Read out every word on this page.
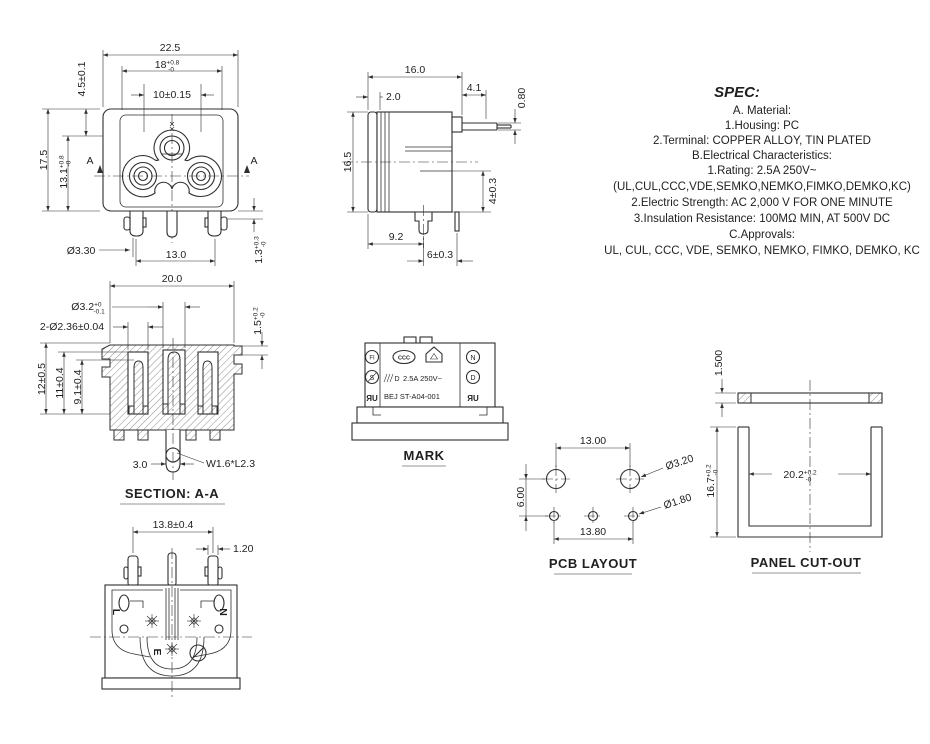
22.5
$18^{+0.8}$ -0
10±0.15
17.5
$13.1^{+0.8}-0$
4.5±0.1
A	A
Ø3.30	13.0	$1.3^{+0.3}-0$
16.0
2.0
4.1	0.80
16.5
4±0.3
9.2
6±0.3
SPEC:
A. Material:
1.Housing: PC
2.Terminal: COPPER ALLOY, TIN PLATED
B.Electrical Characteristics:
1.Rating: 2.5A 250V~
(UL,CUL,CCC,VDE,SEMKO,NEMKO,FIMKO,DEMKO,KC)
2.Electric Strength: AC 2,000 V FOR ONE MINUTE
3.Insulation Resistance: 100MΩ MIN, AT 500V DC
C.Approvals:
UL, CUL, CCC, VDE, SEMKO, NEMKO, FIMKO, DEMKO, KC
20.0
$Ø3.2^{+0}$ -0.1
2-Ø2.36±0.04	$1.5^{+0.2}-0$
12±0.5 11±0.4 9.1±0.4
3.0	W1.6*L2.3
SECTION: A-A
FI
S
ЯU
CCC	N
D
ЯU
D 2.5A 250V~
BEJ ST-A04-001
MARK
13.00
6.00
13.80
Ø3.20
Ø1.80
PCB LAYOUT
1.500
$16.7^{+0.2}-0$	$20.2^{+0.2}$ -0
PANEL CUT-OUT
L	N
E
13.8±0.4
1.20
